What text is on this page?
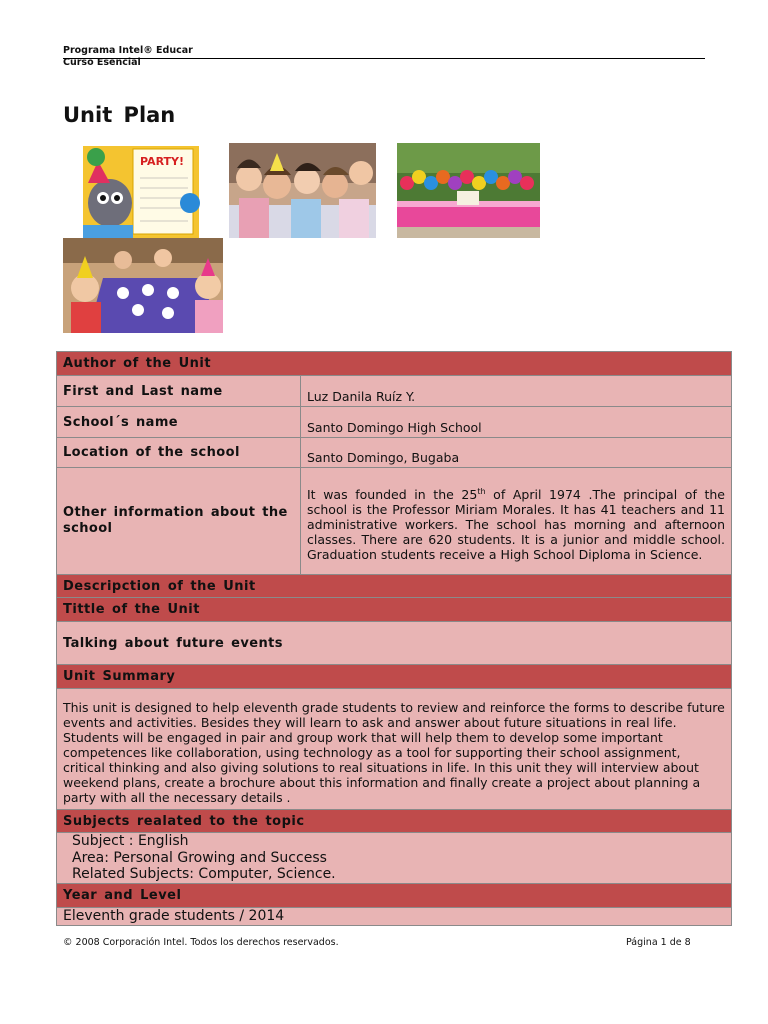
Programa Intel® Educar
Curso Esencial
Unit Plan
PARTY!
Author of the Unit	
First and Last name	Luz Danila Ruíz Y.
School´s name	Santo Domingo High School
Location of the school	Santo Domingo, Bugaba
Other information about the school	It was founded in the 25th of April 1974 .The principal of the school is the Professor Miriam Morales. It has 41 teachers and 11 administrative workers. The school has morning and afternoon classes. There are 620 students. It is a junior and middle school. Graduation students receive a High School Diploma in Science.
Descripction of the Unit	
Tittle of the Unit	
Talking about future events	
Unit Summary	
This unit is designed to help eleventh grade students to review and reinforce the forms to describe future events and activities. Besides they will learn to ask and answer about future situations in real life. Students will be engaged in pair and group work that will help them to develop some important competences like collaboration, using technology as a tool for supporting their school assignment, critical thinking and also giving solutions to real situations in life. In this unit they will interview about weekend plans, create a brochure about this information and finally create a project about planning a party with all the necessary details .	
Subjects realated to the topic	

Subject : English
Area: Personal Growing and Success
Related Subjects: Computer, Science.	

Year and Level	
Eleventh grade students / 2014	
© 2008 Corporación Intel. Todos los derechos reservados.	Página 1 de 8
